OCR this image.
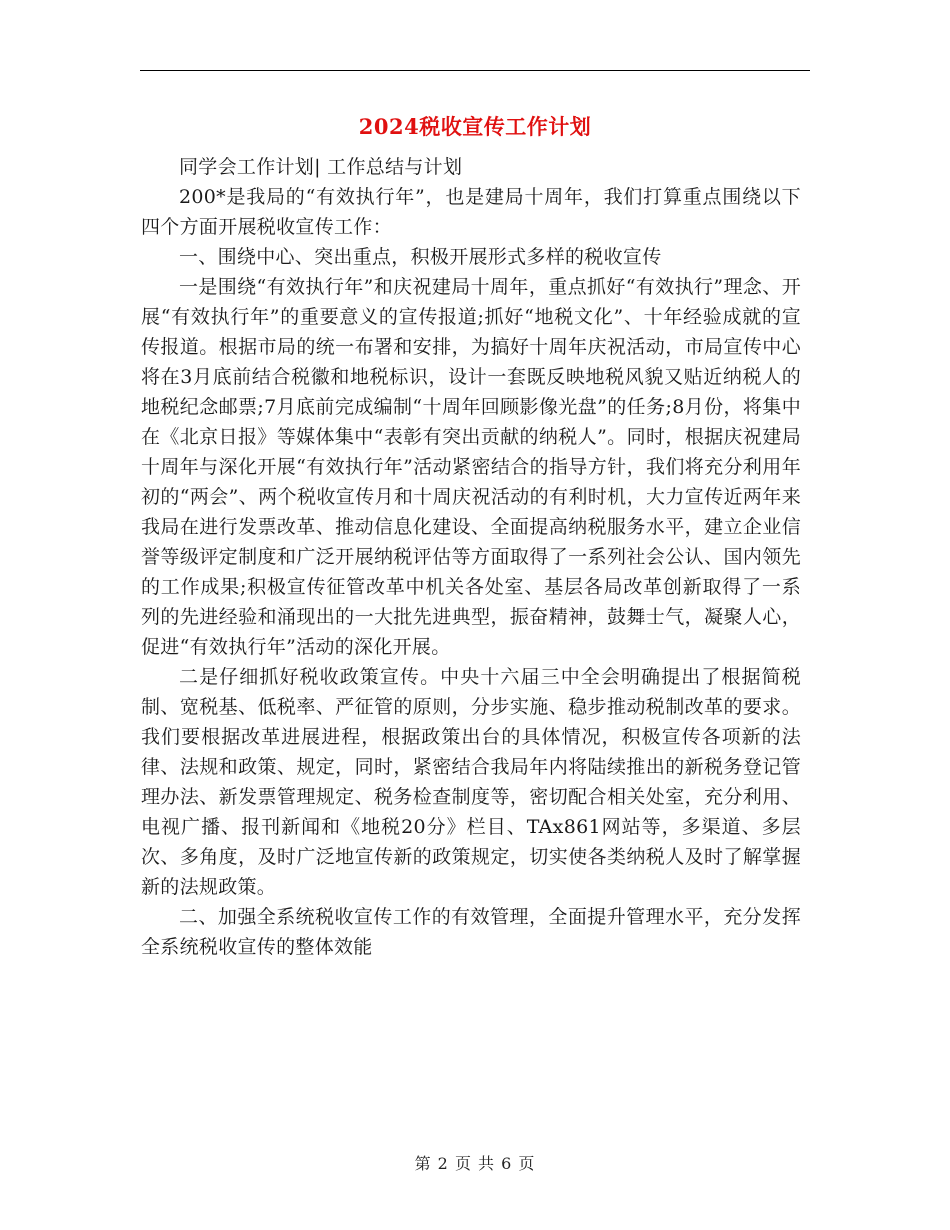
2024税收宣传工作计划

同学会工作计划| 工作总结与计划

200*是我局的“有效执行年”，也是建局十周年，我们打算重点围绕以下四个方面开展税收宣传工作：

一、围绕中心、突出重点，积极开展形式多样的税收宣传

一是围绕“有效执行年”和庆祝建局十周年，重点抓好“有效执行”理念、开展“有效执行年”的重要意义的宣传报道;抓好“地税文化”、十年经验成就的宣传报道。根据市局的统一布署和安排，为搞好十周年庆祝活动，市局宣传中心将在3月底前结合税徽和地税标识，设计一套既反映地税风貌又贴近纳税人的地税纪念邮票;7月底前完成编制“十周年回顾影像光盘”的任务;8月份，将集中在《北京日报》等媒体集中“表彰有突出贡献的纳税人”。同时，根据庆祝建局十周年与深化开展“有效执行年”活动紧密结合的指导方针，我们将充分利用年初的“两会”、两个税收宣传月和十周庆祝活动的有利时机，大力宣传近两年来我局在进行发票改革、推动信息化建设、全面提高纳税服务水平，建立企业信誉等级评定制度和广泛开展纳税评估等方面取得了一系列社会公认、国内领先的工作成果;积极宣传征管改革中机关各处室、基层各局改革创新取得了一系列的先进经验和涌现出的一大批先进典型，振奋精神，鼓舞士气，凝聚人心，促进“有效执行年”活动的深化开展。

二是仔细抓好税收政策宣传。中央十六届三中全会明确提出了根据简税制、宽税基、低税率、严征管的原则，分步实施、稳步推动税制改革的要求。我们要根据改革进展进程，根据政策出台的具体情况，积极宣传各项新的法律、法规和政策、规定，同时，紧密结合我局年内将陆续推出的新税务登记管理办法、新发票管理规定、税务检查制度等，密切配合相关处室，充分利用、电视广播、报刊新闻和《地税20分》栏目、TAx861网站等，多渠道、多层次、多角度，及时广泛地宣传新的政策规定，切实使各类纳税人及时了解掌握新的法规政策。

二、加强全系统税收宣传工作的有效管理，全面提升管理水平，充分发挥全系统税收宣传的整体效能

第 2 页 共 6 页
